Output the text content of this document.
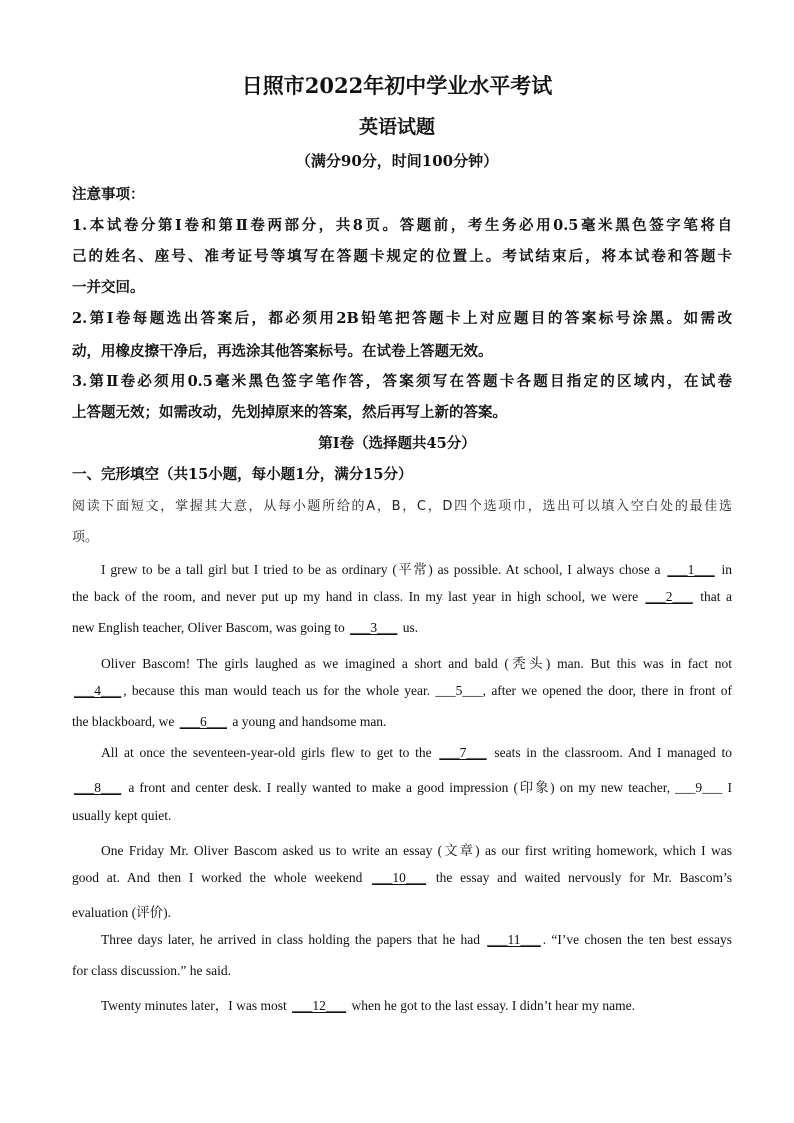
日照市2022年初中学业水平考试
英语试题
（满分90分，时间100分钟）
注意事项：
1.本试卷分第Ⅰ卷和第Ⅱ卷两部分，共8页。答题前，考生务必用0.5毫米黑色签字笔将自
己的姓名、座号、准考证号等填写在答题卡规定的位置上。考试结束后，将本试卷和答题卡
一并交回。
2.第Ⅰ卷每题选出答案后，都必须用2B铅笔把答题卡上对应题目的答案标号涂黑。如需改
动，用橡皮擦干净后，再选涂其他答案标号。在试卷上答题无效。
3.第Ⅱ卷必须用0.5毫米黑色签字笔作答，答案须写在答题卡各题目指定的区域内，在试卷
上答题无效；如需改动，先划掉原来的答案，然后再写上新的答案。
第Ⅰ卷（选择题共45分）
一、完形填空（共15小题，每小题1分，满分15分）
阅读下面短文，掌握其大意，从每小题所给的A，B，C，D四个选项巾，选出可以填入空白处的最佳选
项。
I grew to be a tall girl but I tried to be as ordinary (平常) as possible. At school, I always chose a ___1___ in
the back of the room, and never put up my hand in class. In my last year in high school, we were ___2___ that a
new English teacher, Oliver Bascom, was going to ___3___ us.
Oliver Bascom! The girls laughed as we imagined a short and bald (秃头) man. But this was in fact not
___4___ , because this man would teach us for the whole year. ___5___, after we opened the door, there in front of
the blackboard, we ___6___ a young and handsome man.
All at once the seventeen-year-old girls flew to get to the ___7___ seats in the classroom. And I managed to
___8___ a front and center desk. I really wanted to make a good impression (印象) on my new teacher, ___9___ I
usually kept quiet.
One Friday Mr. Oliver Bascom asked us to write an essay (文章) as our first writing homework, which I was
good at. And then I worked the whole weekend ___10___ the essay and waited nervously for Mr. Bascom’s
evaluation (评价).
Three days later, he arrived in class holding the papers that he had ___11___ . “I’ve chosen the ten best essays
for class discussion.” he said.
Twenty minutes later，I was most ___12___ when he got to the last essay. I didn’t hear my name.
